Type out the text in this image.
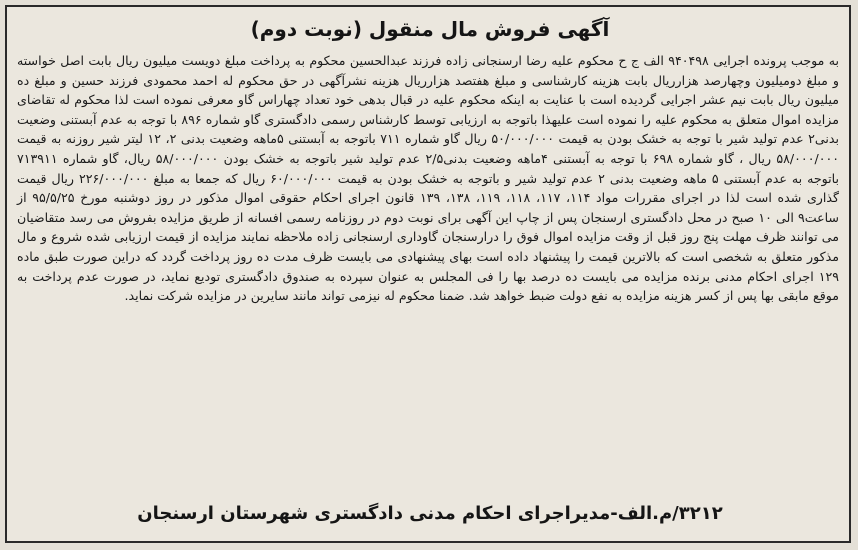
آگهی فروش مال منقول (نوبت دوم)
به موجب پرونده اجرایی ۹۴۰۴۹۸ الف ج ح محکوم علیه رضا ارسنجانی زاده فرزند عبدالحسین محکوم به پرداخت مبلغ دویست میلیون ریال بابت اصل خواسته و مبلغ دومیلیون وچهارصد هزارریال بابت هزینه کارشناسی و مبلغ هفتصد هزارریال هزینه نشرآگهی در حق محکوم له احمد محمودی فرزند حسین و مبلغ ده میلیون ریال بابت نیم عشر اجرایی گردیده است با عنایت به اینکه محکوم علیه در قبال بدهی خود تعداد چهاراس گاو معرفی نموده است لذا محکوم له تقاضای مزایده اموال متعلق به محکوم علیه را نموده است علیهذا باتوجه به ارزیابی توسط کارشناس رسمی دادگستری گاو شماره ۸۹۶ با توجه به عدم آبستنی وضعیت بدنی۲ عدم تولید شیر با توجه به خشک بودن به قیمت ۵۰/۰۰۰/۰۰۰ ریال گاو شماره ۷۱۱ باتوجه به آبستنی ۵ماهه وضعیت بدنی ۲، ۱۲ لیتر شیر روزنه به قیمت ۵۸/۰۰۰/۰۰۰ ریال ، گاو شماره ۶۹۸ با توجه به آبستنی ۴ماهه وضعیت بدنی۲/۵ عدم تولید شیر باتوجه به خشک بودن ۵۸/۰۰۰/۰۰۰ ریال، گاو شماره ۷۱۳۹۱۱ باتوجه به عدم آبستنی ۵ ماهه وضعیت بدنی ۲ عدم تولید شیر و باتوجه به خشک بودن به قیمت ۶۰/۰۰۰/۰۰۰ ریال که جمعا به مبلغ ۲۲۶/۰۰۰/۰۰۰ ریال قیمت گذاری شده است لذا در اجرای مقررات مواد ۱۱۴، ۱۱۷، ۱۱۸، ۱۱۹، ۱۳۸، ۱۳۹ قانون اجرای احکام حقوقی اموال مذکور در روز دوشنبه مورخ ۹۵/۵/۲۵ از ساعت۹ الی ۱۰ صبح در محل دادگستری ارسنجان پس از چاپ این آگهی برای نوبت دوم در روزنامه رسمی افسانه از طریق مزایده بفروش می رسد متقاضیان می توانند ظرف مهلت پنج روز قبل از وقت مزایده اموال فوق را درارسنجان گاوداری ارسنجانی زاده ملاحظه نمایند مزایده از قیمت ارزیابی شده شروع و مال مذکور متعلق به شخصی است که بالاترین قیمت را پیشنهاد داده است بهای پیشنهادی می بایست ظرف مدت ده روز پرداخت گردد که دراین صورت طبق ماده ۱۲۹ اجرای احکام مدنی برنده مزایده می بایست ده درصد بها را فی المجلس به عنوان سپرده به صندوق دادگستری تودیع نماید، در صورت عدم پرداخت به موقع مابقی بها پس از کسر هزینه مزایده به نفع دولت ضبط خواهد شد. ضمنا محکوم له نیزمی تواند مانند سایرین در مزایده شرکت نماید.
۳۲۱۲/م.الف-مدیراجرای احکام مدنی دادگستری شهرستان ارسنجان
